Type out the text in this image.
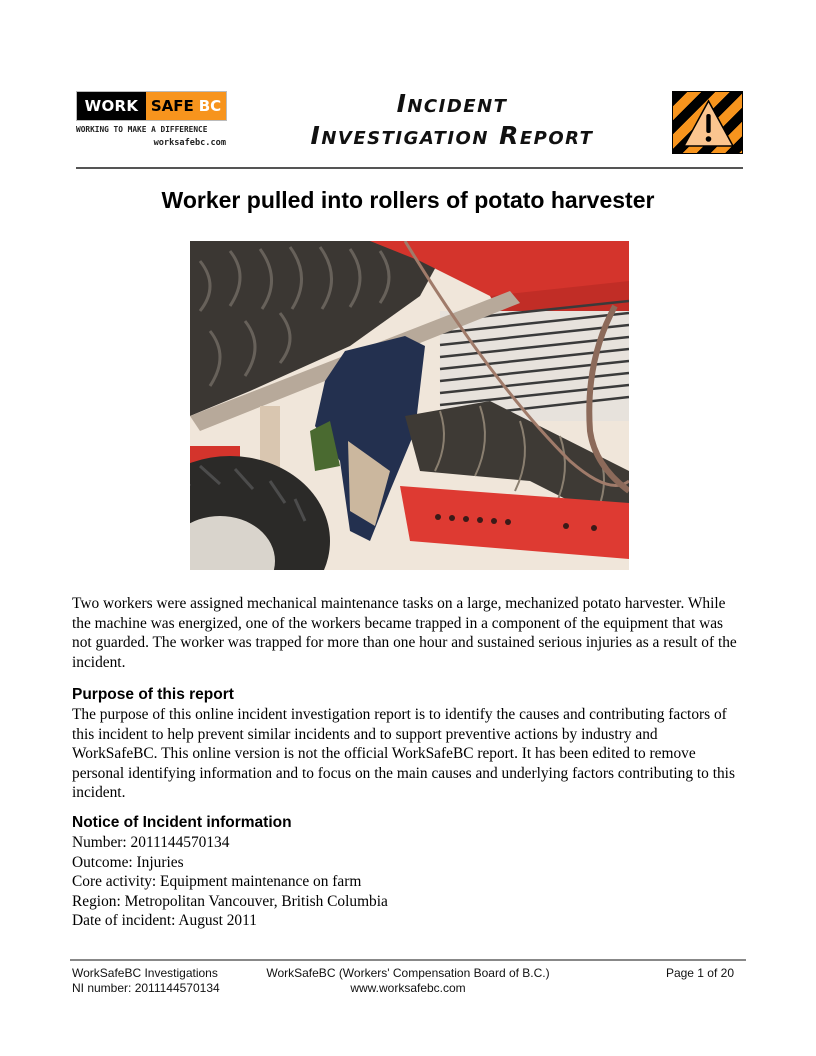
WORK SAFE BC
WORKING TO MAKE A DIFFERENCE
worksafebc.com
Incident
Investigation Report
Worker pulled into rollers of potato harvester
Two workers were assigned mechanical maintenance tasks on a large, mechanized potato harvester. While the machine was energized, one of the workers became trapped in a component of the equipment that was not guarded. The worker was trapped for more than one hour and sustained serious injuries as a result of the incident.
Purpose of this report
The purpose of this online incident investigation report is to identify the causes and contributing factors of this incident to help prevent similar incidents and to support preventive actions by industry and WorkSafeBC. This online version is not the official WorkSafeBC report. It has been edited to remove personal identifying information and to focus on the main causes and underlying factors contributing to this incident.
Notice of Incident information
Number: 2011144570134
Outcome: Injuries
Core activity: Equipment maintenance on farm
Region: Metropolitan Vancouver, British Columbia
Date of incident: August 2011
WorkSafeBC Investigations
NI number: 2011144570134
WorkSafeBC (Workers' Compensation Board of B.C.)
www.worksafebc.com
Page 1 of 20
